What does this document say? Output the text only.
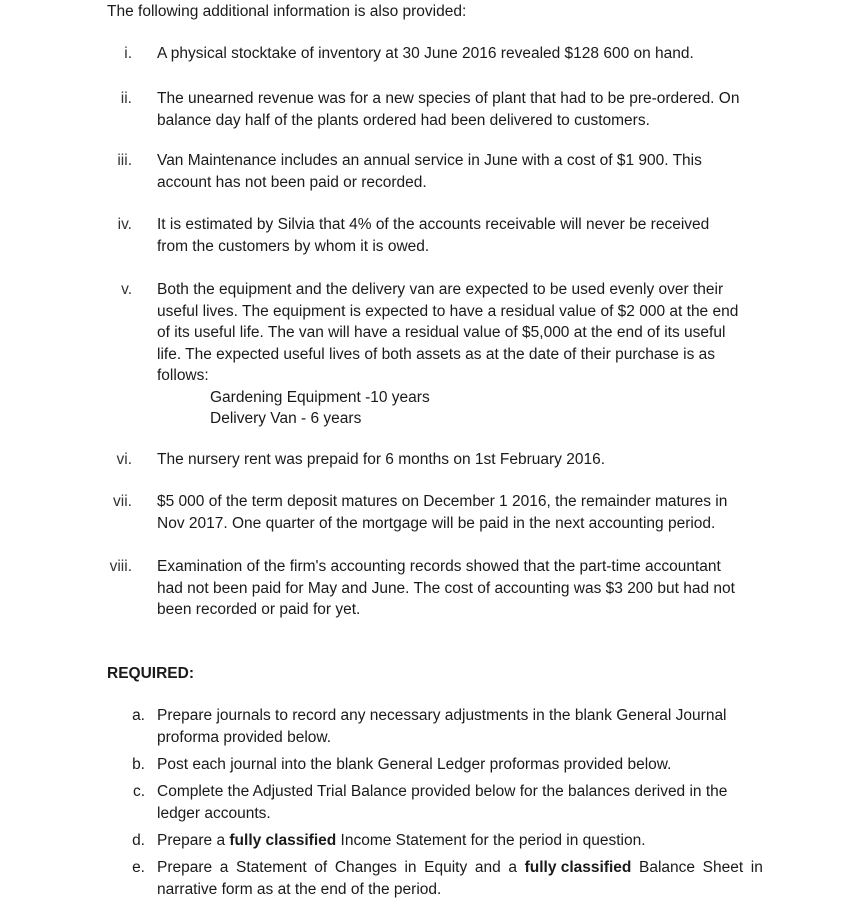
The following additional information is also provided:
i. A physical stocktake of inventory at 30 June 2016 revealed $128 600 on hand.
ii. The unearned revenue was for a new species of plant that had to be pre-ordered. On
balance day half of the plants ordered had been delivered to customers.
iii. Van Maintenance includes an annual service in June with a cost of $1 900. This
account has not been paid or recorded.
iv. It is estimated by Silvia that 4% of the accounts receivable will never be received
from the customers by whom it is owed.
v. Both the equipment and the delivery van are expected to be used evenly over their
useful lives. The equipment is expected to have a residual value of $2 000 at the end
of its useful life. The van will have a residual value of $5,000 at the end of its useful
life. The expected useful lives of both assets as at the date of their purchase is as
follows:
Gardening Equipment -10 years
Delivery Van - 6 years
vi. The nursery rent was prepaid for 6 months on 1st February 2016.
vii. $5 000 of the term deposit matures on December 1 2016, the remainder matures in
Nov 2017. One quarter of the mortgage will be paid in the next accounting period.
viii. Examination of the firm's accounting records showed that the part-time accountant
had not been paid for May and June. The cost of accounting was $3 200 but had not
been recorded or paid for yet.
REQUIRED:
a. Prepare journals to record any necessary adjustments in the blank General Journal
proforma provided below.
b. Post each journal into the blank General Ledger proformas provided below.
c. Complete the Adjusted Trial Balance provided below for the balances derived in the
ledger accounts.
d. Prepare a fully classified Income Statement for the period in question.
e. Prepare a Statement of Changes in Equity and a fully classified Balance Sheet in
narrative form as at the end of the period.
